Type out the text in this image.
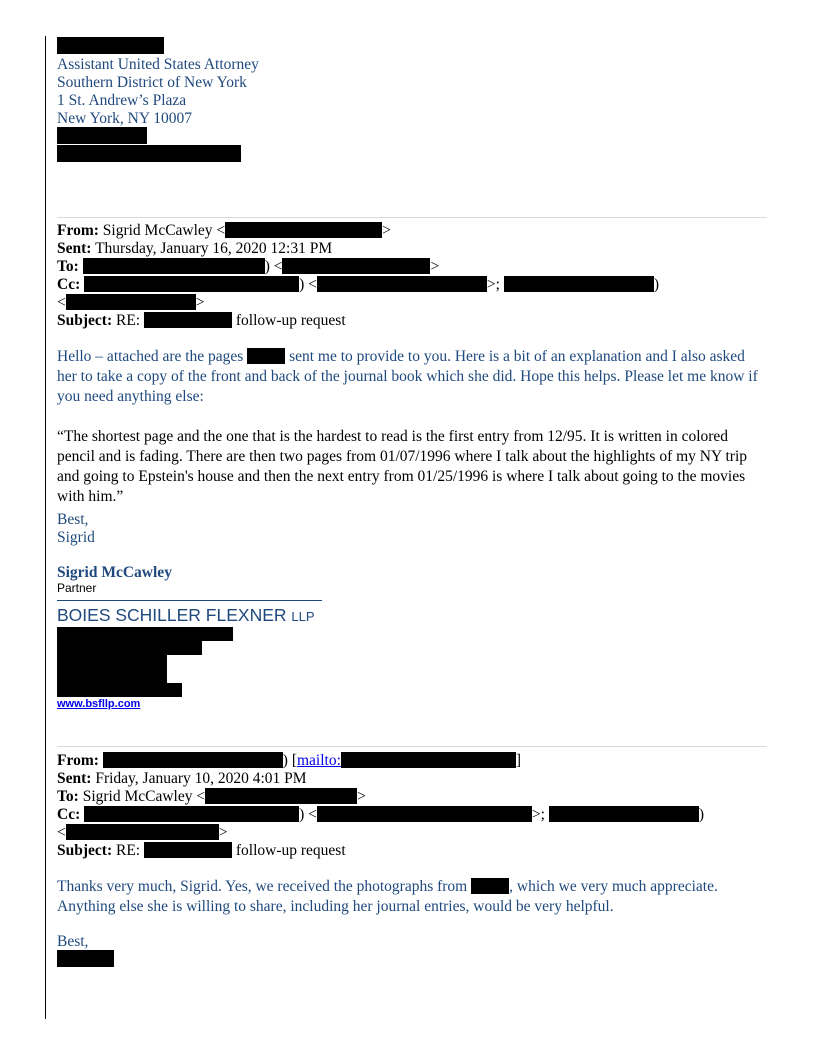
Assistant United States Attorney
Southern District of New York
1 St. Andrew’s Plaza
New York, NY 10007
From: Sigrid McCawley <	>
Sent: Thursday, January 16, 2020 12:31 PM
To:	) <	>
Cc:	) <	>;	)
<	>
Subject: RE:	follow-up request
Hello – attached are the pages	sent me to provide to you. Here is a bit of an explanation and I also asked her to take a copy of the front and back of the journal book which she did. Hope this helps. Please let me know if you need anything else:
“The shortest page and the one that is the hardest to read is the first entry from 12/95. It is written in colored pencil and is fading. There are then two pages from 01/07/1996 where I talk about the highlights of my NY trip and going to Epstein's house and then the next entry from 01/25/1996 is where I talk about going to the movies with him.”
Best,
Sigrid
Sigrid McCawley
Partner
BOIES SCHILLER FLEXNER LLP
www.bsfllp.com
From:	) [mailto:	]
Sent: Friday, January 10, 2020 4:01 PM
To: Sigrid McCawley <	>
Cc:	) <	>;	)
<	>
Subject: RE:	follow-up request
Thanks very much, Sigrid. Yes, we received the photographs from	, which we very much appreciate. Anything else she is willing to share, including her journal entries, would be very helpful.
Best,
